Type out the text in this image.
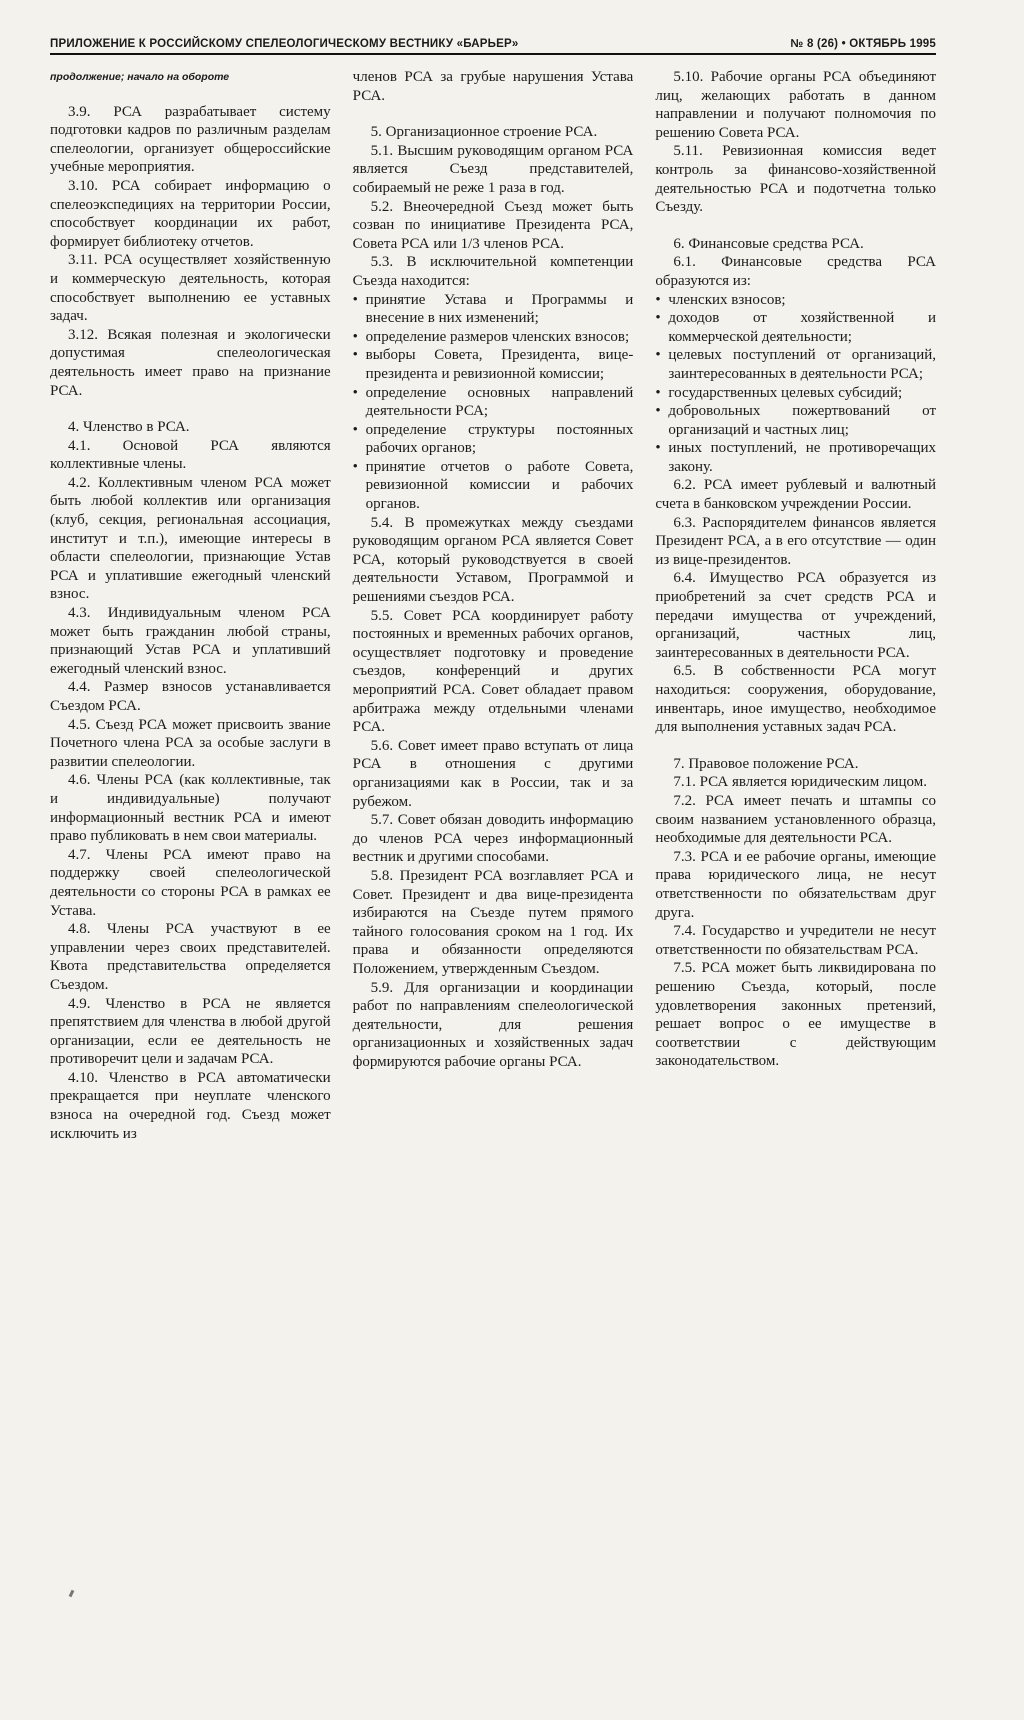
ПРИЛОЖЕНИЕ К РОССИЙСКОМУ СПЕЛЕОЛОГИЧЕСКОМУ ВЕСТНИКУ «БАРЬЕР»	№ 8 (26) • ОКТЯБРЬ 1995

продолжение; начало на обороте

3.9. РСА разрабатывает систему подготовки кадров по различным разделам спелеологии, организует общероссийские учебные мероприятия.

3.10. РСА собирает информацию о спелеоэкспедициях на территории России, способствует координации их работ, формирует библиотеку отчетов.

3.11. РСА осуществляет хозяйственную и коммерческую деятельность, которая способствует выполнению ее уставных задач.

3.12. Всякая полезная и экологически допустимая спелеологическая деятельность имеет право на признание РСА.

4. Членство в РСА.

4.1. Основой РСА являются коллективные члены.

4.2. Коллективным членом РСА может быть любой коллектив или организация (клуб, секция, региональная ассоциация, институт и т.п.), имеющие интересы в области спелеологии, признающие Устав РСА и уплатившие ежегодный членский взнос.

4.3. Индивидуальным членом РСА может быть гражданин любой страны, признающий Устав РСА и уплативший ежегодный членский взнос.

4.4. Размер взносов устанавливается Съездом РСА.

4.5. Съезд РСА может присвоить звание Почетного члена РСА за особые заслуги в развитии спелеологии.

4.6. Члены РСА (как коллективные, так и индивидуальные) получают информационный вестник РСА и имеют право публиковать в нем свои материалы.

4.7. Члены РСА имеют право на поддержку своей спелеологической деятельности со стороны РСА в рамках ее Устава.

4.8. Члены РСА участвуют в ее управлении через своих представителей. Квота представительства определяется Съездом.

4.9. Членство в РСА не является препятствием для членства в любой другой организации, если ее деятельность не противоречит цели и задачам РСА.

4.10. Членство в РСА автоматически прекращается при неуплате членского взноса на очередной год. Съезд может исключить из

членов РСА за грубые нарушения Устава РСА.

5. Организационное строение РСА.

5.1. Высшим руководящим органом РСА является Съезд представителей, собираемый не реже 1 раза в год.

5.2. Внеочередной Съезд может быть созван по инициативе Президента РСА, Совета РСА или 1/3 членов РСА.

5.3. В исключительной компетенции Съезда находится:

• принятие Устава и Программы и внесение в них изменений;
• определение размеров членских взносов;
• выборы Совета, Президента, вице-президента и ревизионной комиссии;
• определение основных направлений деятельности РСА;
• определение структуры постоянных рабочих органов;
• принятие отчетов о работе Совета, ревизионной комиссии и рабочих органов.

5.4. В промежутках между съездами руководящим органом РСА является Совет РСА, который руководствуется в своей деятельности Уставом, Программой и решениями съездов РСА.

5.5. Совет РСА координирует работу постоянных и временных рабочих органов, осуществляет подготовку и проведение съездов, конференций и других мероприятий РСА. Совет обладает правом арбитража между отдельными членами РСА.

5.6. Совет имеет право вступать от лица РСА в отношения с другими организациями как в России, так и за рубежом.

5.7. Совет обязан доводить информацию до членов РСА через информационный вестник и другими способами.

5.8. Президент РСА возглавляет РСА и Совет. Президент и два вице-президента избираются на Съезде путем прямого тайного голосования сроком на 1 год. Их права и обязанности определяются Положением, утвержденным Съездом.

5.9. Для организации и координации работ по направлениям спелеологической деятельности, для решения организационных и хозяйственных задач формируются рабочие органы РСА.

5.10. Рабочие органы РСА объединяют лиц, желающих работать в данном направлении и получают полномочия по решению Совета РСА.

5.11. Ревизионная комиссия ведет контроль за финансово-хозяйственной деятельностью РСА и подотчетна только Съезду.

6. Финансовые средства РСА.

6.1. Финансовые средства РСА образуются из:

• членских взносов;
• доходов от хозяйственной и коммерческой деятельности;
• целевых поступлений от организаций, заинтересованных в деятельности РСА;
• государственных целевых субсидий;
• добровольных пожертвований от организаций и частных лиц;
• иных поступлений, не противоречащих закону.

6.2. РСА имеет рублевый и валютный счета в банковском учреждении России.

6.3. Распорядителем финансов является Президент РСА, а в его отсутствие — один из вице-президентов.

6.4. Имущество РСА образуется из приобретений за счет средств РСА и передачи имущества от учреждений, организаций, частных лиц, заинтересованных в деятельности РСА.

6.5. В собственности РСА могут находиться: сооружения, оборудование, инвентарь, иное имущество, необходимое для выполнения уставных задач РСА.

7. Правовое положение РСА.

7.1. РСА является юридическим лицом.

7.2. РСА имеет печать и штампы со своим названием установленного образца, необходимые для деятельности РСА.

7.3. РСА и ее рабочие органы, имеющие права юридического лица, не несут ответственности по обязательствам друг друга.

7.4. Государство и учредители не несут ответственности по обязательствам РСА.

7.5. РСА может быть ликвидирована по решению Съезда, который, после удовлетворения законных претензий, решает вопрос о ее имуществе в соответствии с действующим законодательством.
